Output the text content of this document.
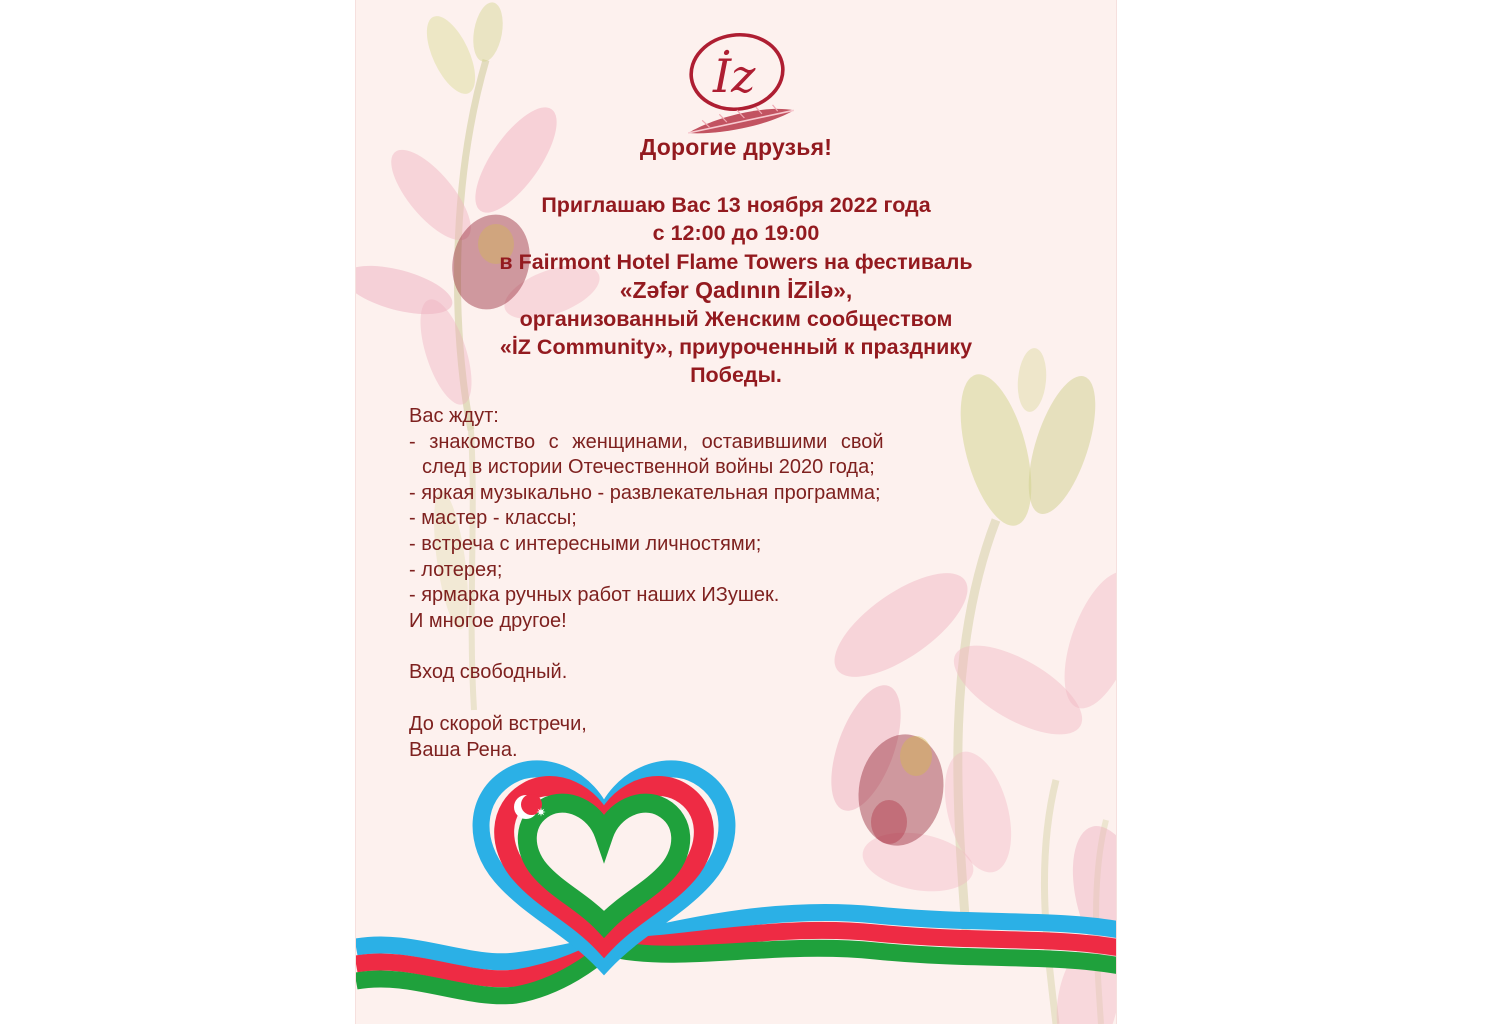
İz
Дорогие друзья!
Приглашаю Вас 13 ноября 2022 года
с 12:00 до 19:00
в Fairmont Hotel Flame Towers на фестиваль
«Zəfər Qadının İZilə»,
организованный Женским сообществом
«İZ Community», приуроченный к празднику
Победы.
Вас ждут:
- знакомство с женщинами, оставившими свой
след в истории Отечественной войны 2020 года;
- яркая музыкально - развлекательная программа;
- мастер - классы;
- встреча с интересными личностями;
- лотерея;
- ярмарка ручных работ наших ИЗушек.
И многое другое!
Вход свободный.
До скорой встречи,
Ваша Рена.
